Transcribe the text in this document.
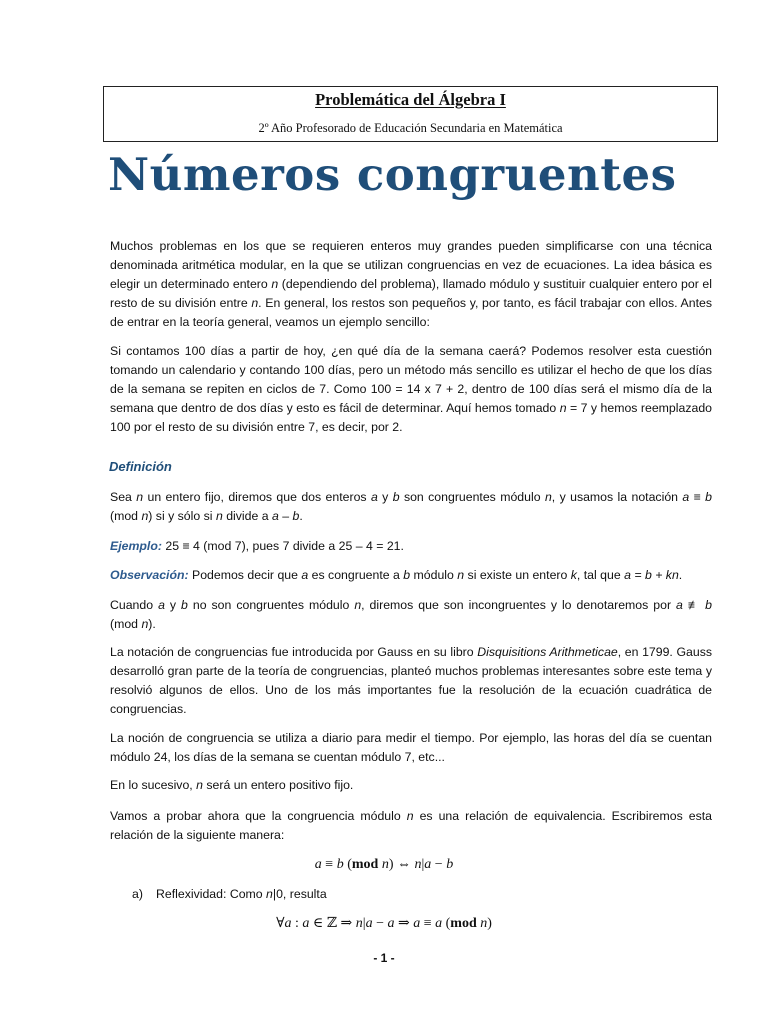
Problemática del Álgebra I
2º Año Profesorado de Educación Secundaria en Matemática
Números congruentes

Muchos problemas en los que se requieren enteros muy grandes pueden simplificarse con una técnica denominada aritmética modular, en la que se utilizan congruencias en vez de ecuaciones. La idea básica es elegir un determinado entero n (dependiendo del problema), llamado módulo y sustituir cualquier entero por el resto de su división entre n. En general, los restos son pequeños y, por tanto, es fácil trabajar con ellos. Antes de entrar en la teoría general, veamos un ejemplo sencillo:

Si contamos 100 días a partir de hoy, ¿en qué día de la semana caerá? Podemos resolver esta cuestión tomando un calendario y contando 100 días, pero un método más sencillo es utilizar el hecho de que los días de la semana se repiten en ciclos de 7. Como 100 = 14 x 7 + 2, dentro de 100 días será el mismo día de la semana que dentro de dos días y esto es fácil de determinar. Aquí hemos tomado n = 7 y hemos reemplazado 100 por el resto de su división entre 7, es decir, por 2.

Definición

Sea n un entero fijo, diremos que dos enteros a y b son congruentes módulo n, y usamos la notación a ≡ b (mod n) si y sólo si n divide a a – b.

Ejemplo: 25 ≡ 4 (mod 7), pues 7 divide a 25 – 4 = 21.

Observación: Podemos decir que a es congruente a b módulo n si existe un entero k, tal que a = b + kn.

Cuando a y b no son congruentes módulo n, diremos que son incongruentes y lo denotaremos por a ≢ b (mod n).

La notación de congruencias fue introducida por Gauss en su libro Disquisitions Arithmeticae, en 1799. Gauss desarrolló gran parte de la teoría de congruencias, planteó muchos problemas interesantes sobre este tema y resolvió algunos de ellos. Uno de los más importantes fue la resolución de la ecuación cuadrática de congruencias.

La noción de congruencia se utiliza a diario para medir el tiempo. Por ejemplo, las horas del día se cuentan módulo 24, los días de la semana se cuentan módulo 7, etc...

En lo sucesivo, n será un entero positivo fijo.

Vamos a probar ahora que la congruencia módulo n es una relación de equivalencia. Escribiremos esta relación de la siguiente manera:

a ≡ b (mod n) ⇔ n|a − b
a) Reflexividad: Como n|0, resulta
∀a : a ∈ ℤ ⇒ n|a − a ⇒ a ≡ a (mod n)
- 1 -
